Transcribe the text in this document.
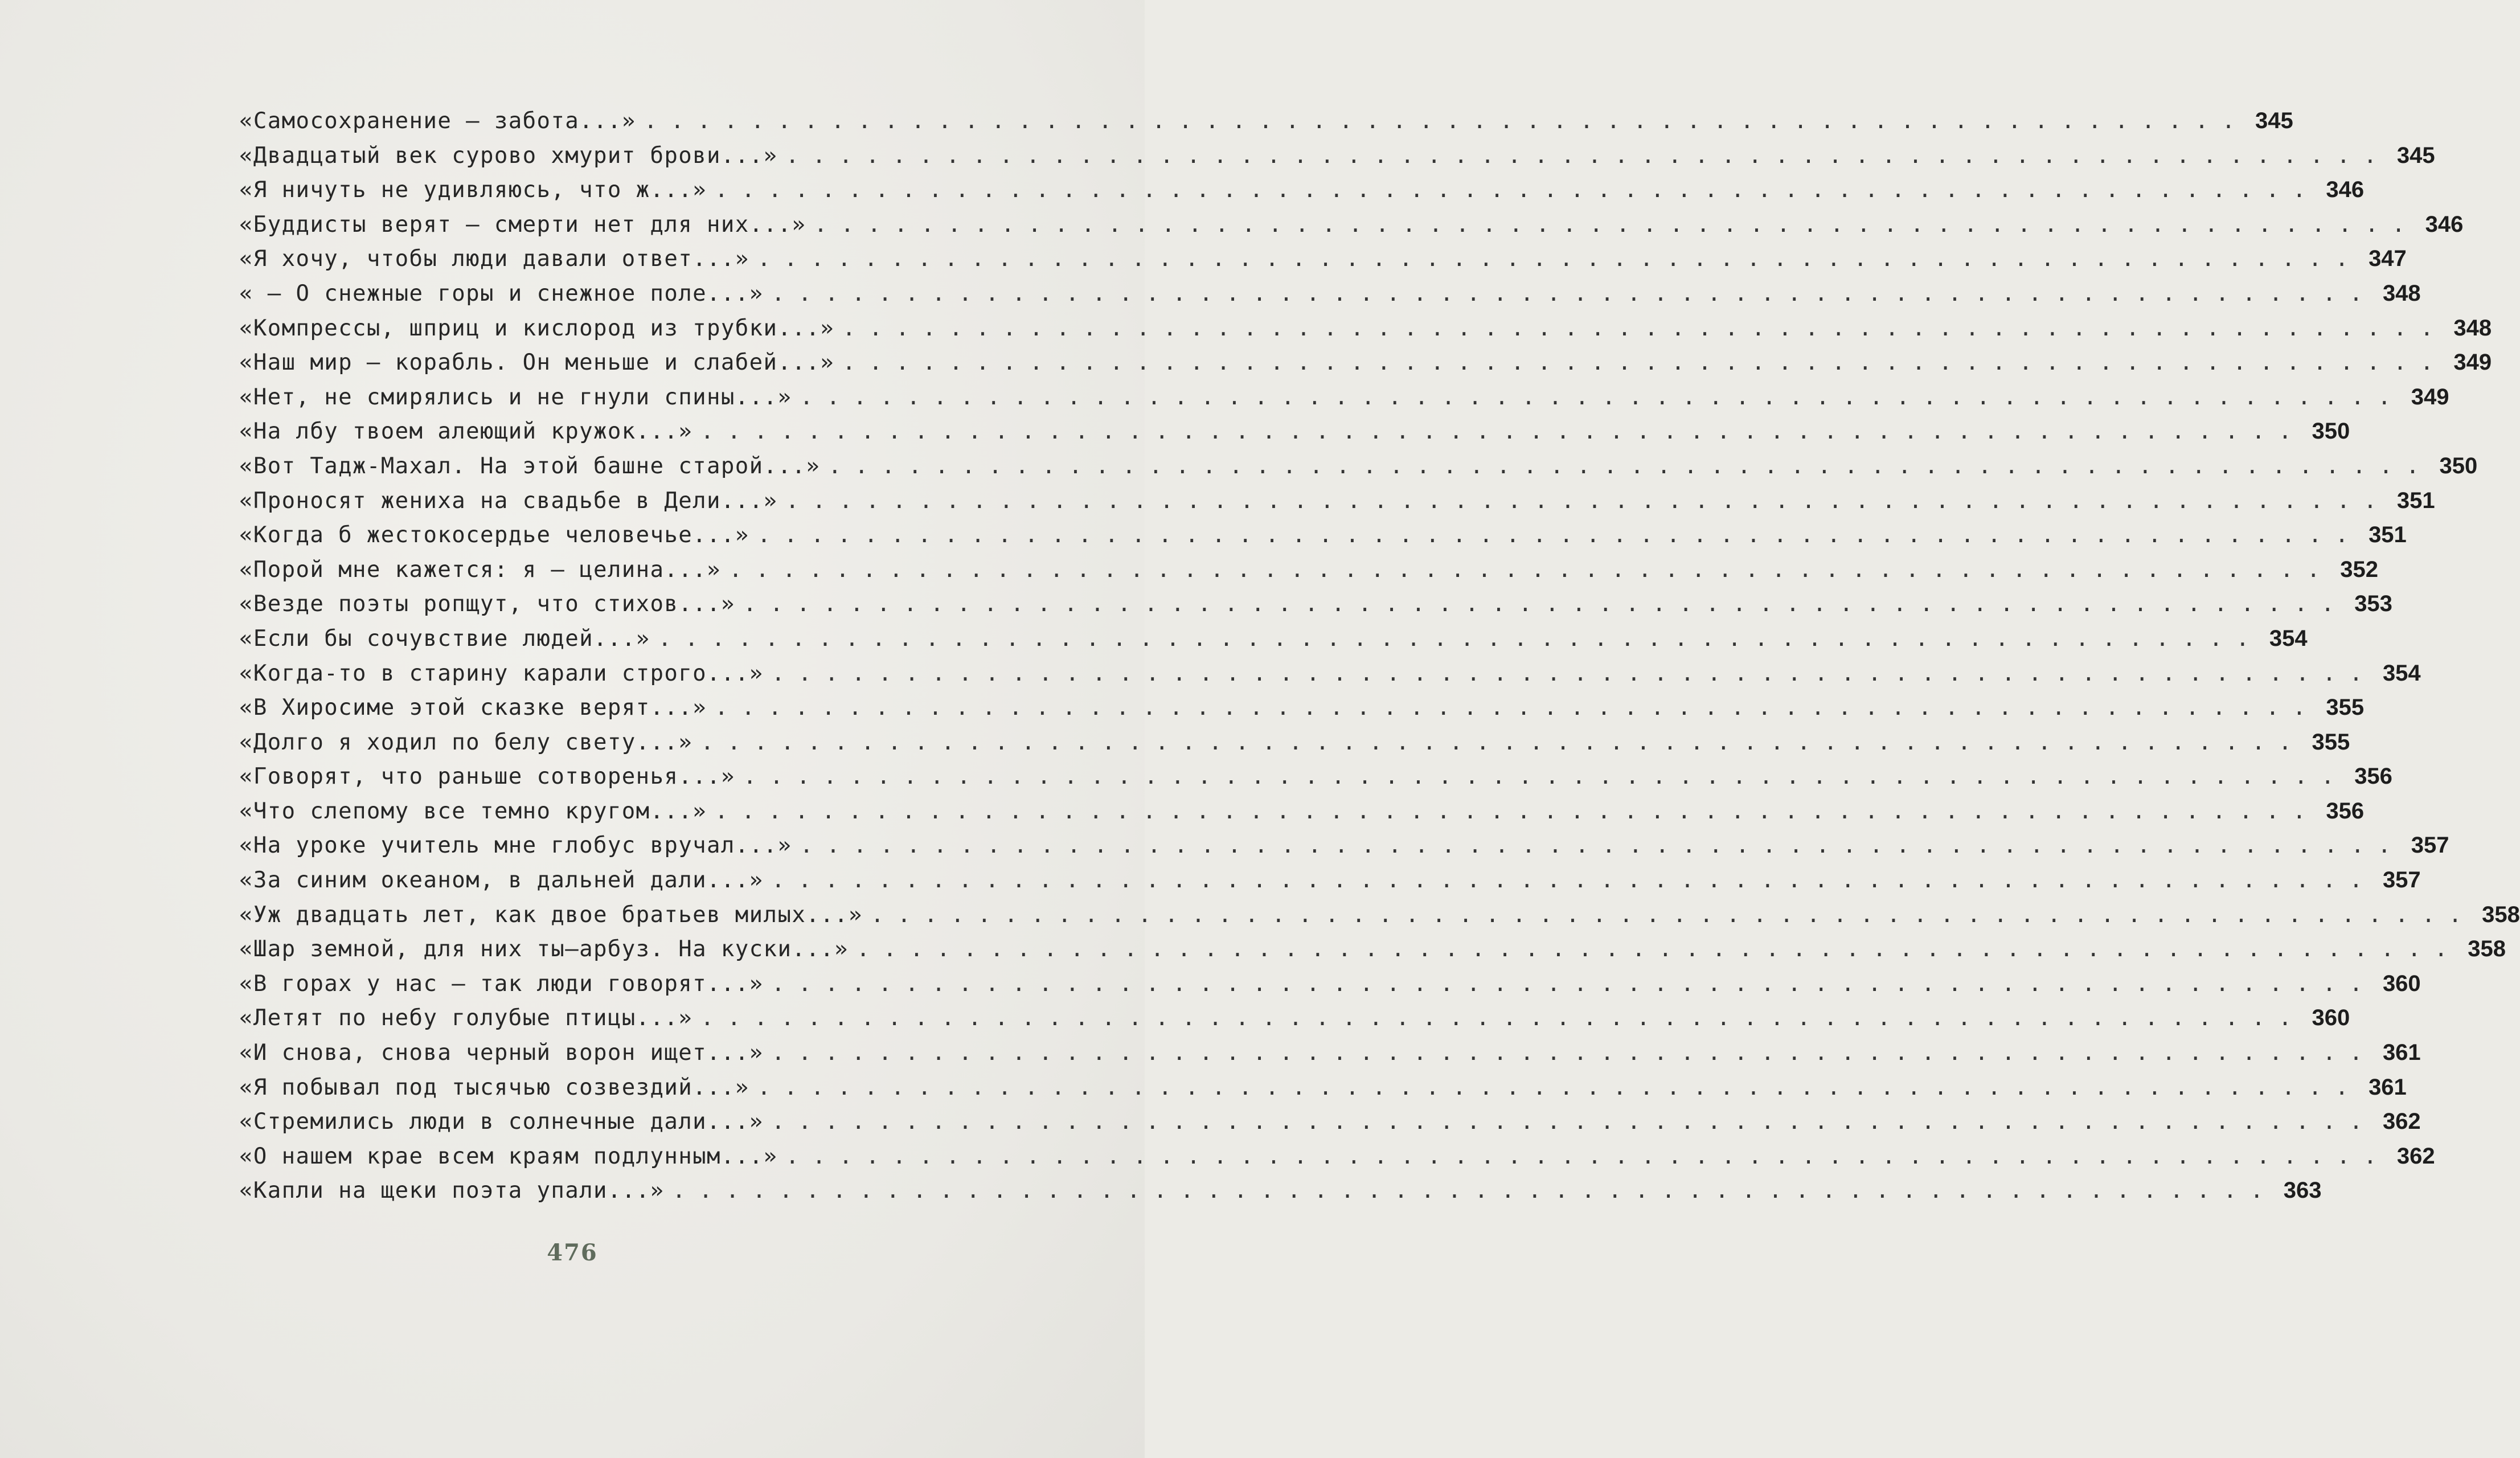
«Самосохранение — забота...» . . . . . . . . . . . . . . . . . . . . . . . . . . . . . . . . . . . . . . . . . . . . . . . . . . . . . . . . . . . . 345
«Двадцатый век сурово хмурит брови...» . . . . . . . . . . . . . . . . . . . . . . . . . . . . . . . . . . . . . . . . . . . . . . . . . . . . . . . . . . . . 345
«Я ничуть не удивляюсь, что ж...» . . . . . . . . . . . . . . . . . . . . . . . . . . . . . . . . . . . . . . . . . . . . . . . . . . . . . . . . . . . . 346
«Буддисты верят — смерти нет для них...» . . . . . . . . . . . . . . . . . . . . . . . . . . . . . . . . . . . . . . . . . . . . . . . . . . . . . . . . . . . . 346
«Я хочу, чтобы люди давали ответ...» . . . . . . . . . . . . . . . . . . . . . . . . . . . . . . . . . . . . . . . . . . . . . . . . . . . . . . . . . . . . 347
« — О снежные горы и снежное поле...» . . . . . . . . . . . . . . . . . . . . . . . . . . . . . . . . . . . . . . . . . . . . . . . . . . . . . . . . . . . . 348
«Компрессы, шприц и кислород из трубки...» . . . . . . . . . . . . . . . . . . . . . . . . . . . . . . . . . . . . . . . . . . . . . . . . . . . . . . . . . . . . 348
«Наш мир — корабль. Он меньше и слабей...» . . . . . . . . . . . . . . . . . . . . . . . . . . . . . . . . . . . . . . . . . . . . . . . . . . . . . . . . . . . . 349
«Нет, не смирялись и не гнули спины...» . . . . . . . . . . . . . . . . . . . . . . . . . . . . . . . . . . . . . . . . . . . . . . . . . . . . . . . . . . . . 349
«На лбу твоем алеющий кружок...» . . . . . . . . . . . . . . . . . . . . . . . . . . . . . . . . . . . . . . . . . . . . . . . . . . . . . . . . . . . . 350
«Вот Тадж-Махал. На этой башне старой...» . . . . . . . . . . . . . . . . . . . . . . . . . . . . . . . . . . . . . . . . . . . . . . . . . . . . . . . . . . . . 350
«Проносят жениха на свадьбе в Дели...» . . . . . . . . . . . . . . . . . . . . . . . . . . . . . . . . . . . . . . . . . . . . . . . . . . . . . . . . . . . . 351
«Когда б жестокосердье человечье...» . . . . . . . . . . . . . . . . . . . . . . . . . . . . . . . . . . . . . . . . . . . . . . . . . . . . . . . . . . . . 351
«Порой мне кажется: я — целина...» . . . . . . . . . . . . . . . . . . . . . . . . . . . . . . . . . . . . . . . . . . . . . . . . . . . . . . . . . . . . 352
«Везде поэты ропщут, что стихов...» . . . . . . . . . . . . . . . . . . . . . . . . . . . . . . . . . . . . . . . . . . . . . . . . . . . . . . . . . . . . 353
«Если бы сочувствие людей...» . . . . . . . . . . . . . . . . . . . . . . . . . . . . . . . . . . . . . . . . . . . . . . . . . . . . . . . . . . . . 354
«Когда-то в старину карали строго...» . . . . . . . . . . . . . . . . . . . . . . . . . . . . . . . . . . . . . . . . . . . . . . . . . . . . . . . . . . . . 354
«В Хиросиме этой сказке верят...» . . . . . . . . . . . . . . . . . . . . . . . . . . . . . . . . . . . . . . . . . . . . . . . . . . . . . . . . . . . . 355
«Долго я ходил по белу свету...» . . . . . . . . . . . . . . . . . . . . . . . . . . . . . . . . . . . . . . . . . . . . . . . . . . . . . . . . . . . . 355
«Говорят, что раньше сотворенья...» . . . . . . . . . . . . . . . . . . . . . . . . . . . . . . . . . . . . . . . . . . . . . . . . . . . . . . . . . . . . 356
«Что слепому все темно кругом...» . . . . . . . . . . . . . . . . . . . . . . . . . . . . . . . . . . . . . . . . . . . . . . . . . . . . . . . . . . . . 356
«На уроке учитель мне глобус вручал...» . . . . . . . . . . . . . . . . . . . . . . . . . . . . . . . . . . . . . . . . . . . . . . . . . . . . . . . . . . . . 357
«За синим океаном, в дальней дали...» . . . . . . . . . . . . . . . . . . . . . . . . . . . . . . . . . . . . . . . . . . . . . . . . . . . . . . . . . . . . 357
«Уж двадцать лет, как двое братьев милых...» . . . . . . . . . . . . . . . . . . . . . . . . . . . . . . . . . . . . . . . . . . . . . . . . . . . . . . . . . . . . 358
«Шар земной, для них ты—арбуз. На куски...» . . . . . . . . . . . . . . . . . . . . . . . . . . . . . . . . . . . . . . . . . . . . . . . . . . . . . . . . . . . . 358
«В горах у нас — так люди говорят...» . . . . . . . . . . . . . . . . . . . . . . . . . . . . . . . . . . . . . . . . . . . . . . . . . . . . . . . . . . . . 360
«Летят по небу голубые птицы...» . . . . . . . . . . . . . . . . . . . . . . . . . . . . . . . . . . . . . . . . . . . . . . . . . . . . . . . . . . . . 360
«И снова, снова черный ворон ищет...» . . . . . . . . . . . . . . . . . . . . . . . . . . . . . . . . . . . . . . . . . . . . . . . . . . . . . . . . . . . . 361
«Я побывал под тысячью созвездий...» . . . . . . . . . . . . . . . . . . . . . . . . . . . . . . . . . . . . . . . . . . . . . . . . . . . . . . . . . . . . 361
«Стремились люди в солнечные дали...» . . . . . . . . . . . . . . . . . . . . . . . . . . . . . . . . . . . . . . . . . . . . . . . . . . . . . . . . . . . . 362
«О нашем крае всем краям подлунным...» . . . . . . . . . . . . . . . . . . . . . . . . . . . . . . . . . . . . . . . . . . . . . . . . . . . . . . . . . . . . 362
«Капли на щеки поэта упали...» . . . . . . . . . . . . . . . . . . . . . . . . . . . . . . . . . . . . . . . . . . . . . . . . . . . . . . . . . . . . 363
476
